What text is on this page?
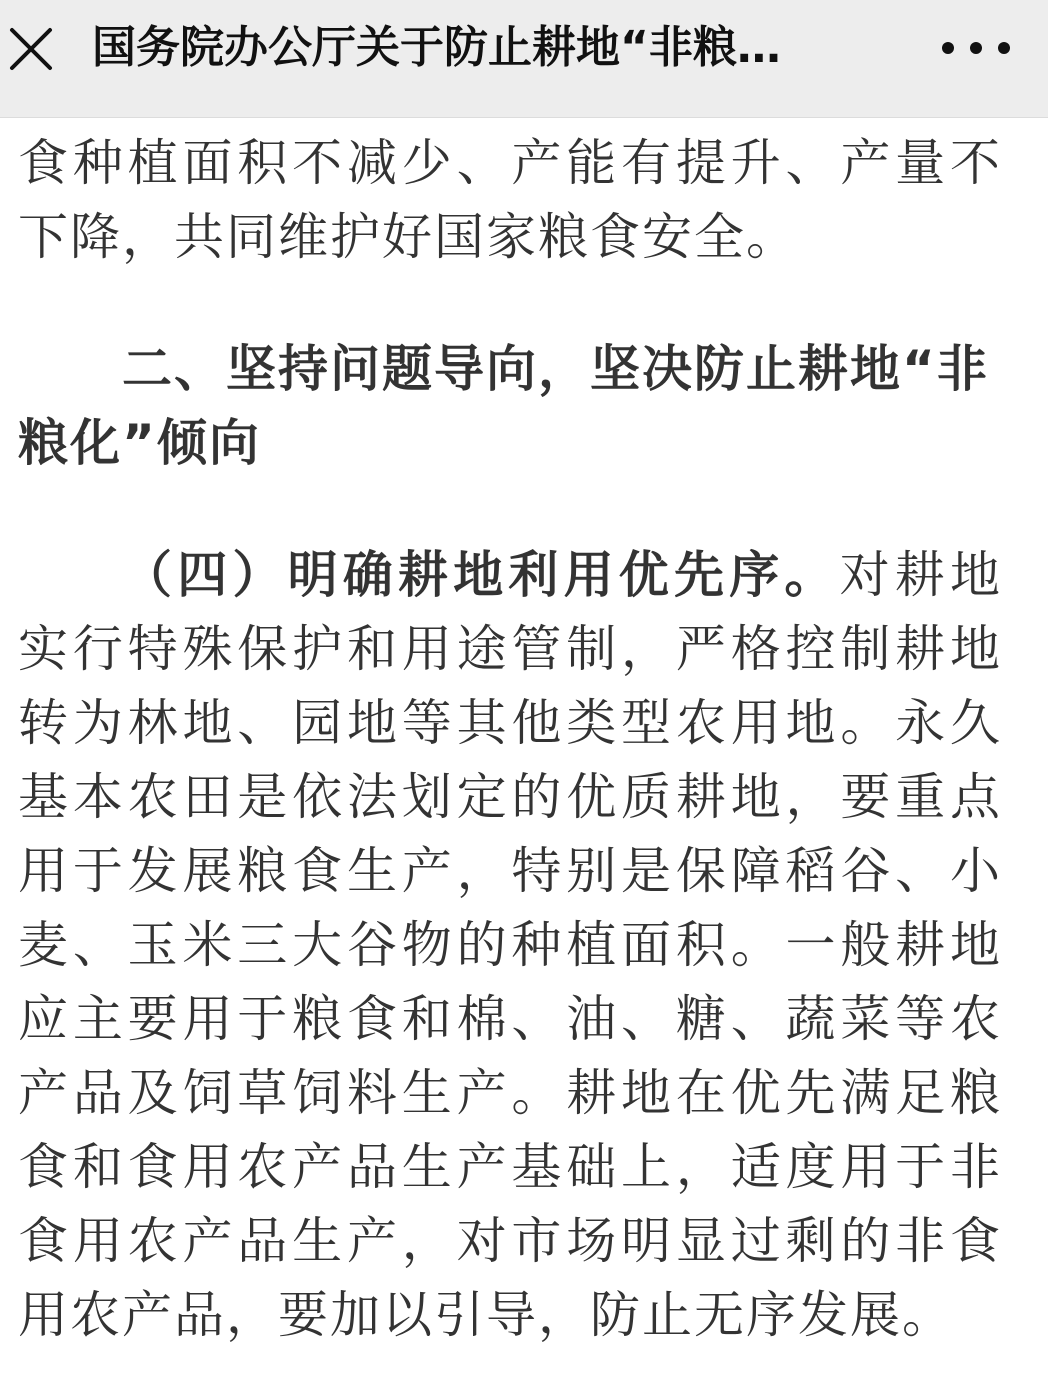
国务院办公厅关于防止耕地“非粮…

食种植面积不减少、产能有提升、产量不下降，共同维护好国家粮食安全。

二、坚持问题导向，坚决防止耕地“非粮化”倾向

（四）明确耕地利用优先序。对耕地实行特殊保护和用途管制，严格控制耕地转为林地、园地等其他类型农用地。永久基本农田是依法划定的优质耕地，要重点用于发展粮食生产，特别是保障稻谷、小麦、玉米三大谷物的种植面积。一般耕地应主要用于粮食和棉、油、糖、蔬菜等农产品及饲草饲料生产。耕地在优先满足粮食和食用农产品生产基础上，适度用于非食用农产品生产，对市场明显过剩的非食用农产品，要加以引导，防止无序发展。
